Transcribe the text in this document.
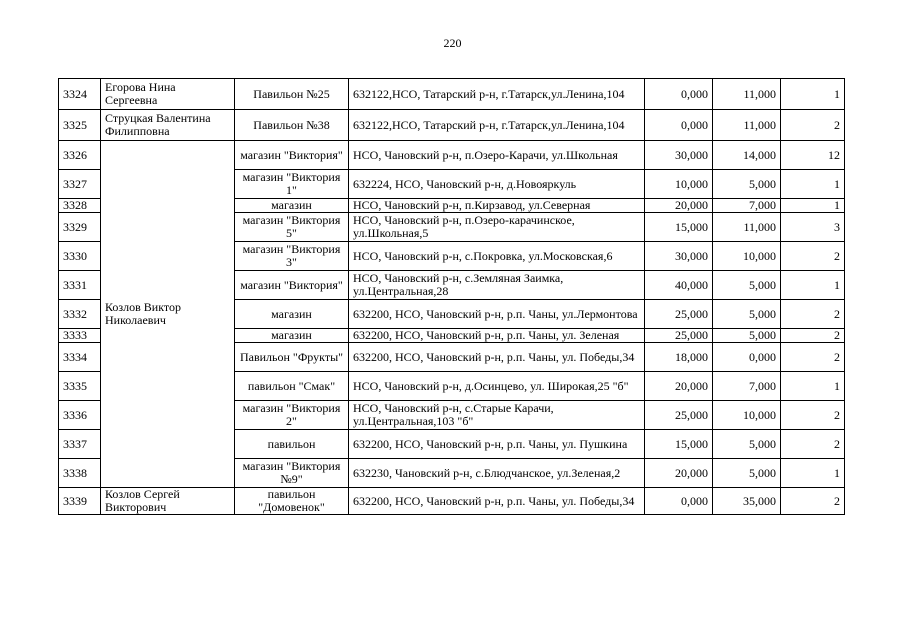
220
3324	Егорова Нина Сергеевна	Павильон №25	632122,НСО, Татарский р-н, г.Татарск,ул.Ленина,104	0,000	11,000	1
3325	Струцкая Валентина Филипповна	Павильон №38	632122,НСО, Татарский р-н, г.Татарск,ул.Ленина,104	0,000	11,000	2
3326	Козлов Виктор Николаевич	магазин "Виктория"	НСО, Чановский р-н, п.Озеро-Карачи, ул.Школьная	30,000	14,000	12
3327		магазин "Виктория 1"	632224, НСО, Чановский р-н, д.Новояркуль	10,000	5,000	1
3328		магазин	НСО, Чановский р-н, п.Кирзавод, ул.Северная	20,000	7,000	1
3329		магазин "Виктория 5"	НСО, Чановский р-н, п.Озеро-карачинское, ул.Школьная,5	15,000	11,000	3
3330		магазин "Виктория 3"	НСО, Чановский р-н, с.Покровка, ул.Московская,6	30,000	10,000	2
3331		магазин "Виктория"	НСО, Чановский р-н, с.Земляная Заимка, ул.Центральная,28	40,000	5,000	1
3332		магазин	632200, НСО, Чановский р-н, р.п. Чаны, ул.Лермонтова	25,000	5,000	2
3333		магазин	632200, НСО, Чановский р-н, р.п. Чаны, ул. Зеленая	25,000	5,000	2
3334		Павильон "Фрукты"	632200, НСО, Чановский р-н, р.п. Чаны, ул. Победы,34	18,000	0,000	2
3335		павильон "Смак"	НСО, Чановский р-н, д.Осинцево, ул. Широкая,25 "б"	20,000	7,000	1
3336		магазин "Виктория 2"	НСО, Чановский р-н, с.Старые Карачи, ул.Центральная,103 "б"	25,000	10,000	2
3337		павильон	632200, НСО, Чановский р-н, р.п. Чаны, ул. Пушкина	15,000	5,000	2
3338		магазин "Виктория №9"	632230, Чановский р-н, с.Блюдчанское, ул.Зеленая,2	20,000	5,000	1
3339	Козлов Сергей Викторович	павильон "Домовенок"	632200, НСО, Чановский р-н, р.п. Чаны, ул. Победы,34	0,000	35,000	2
